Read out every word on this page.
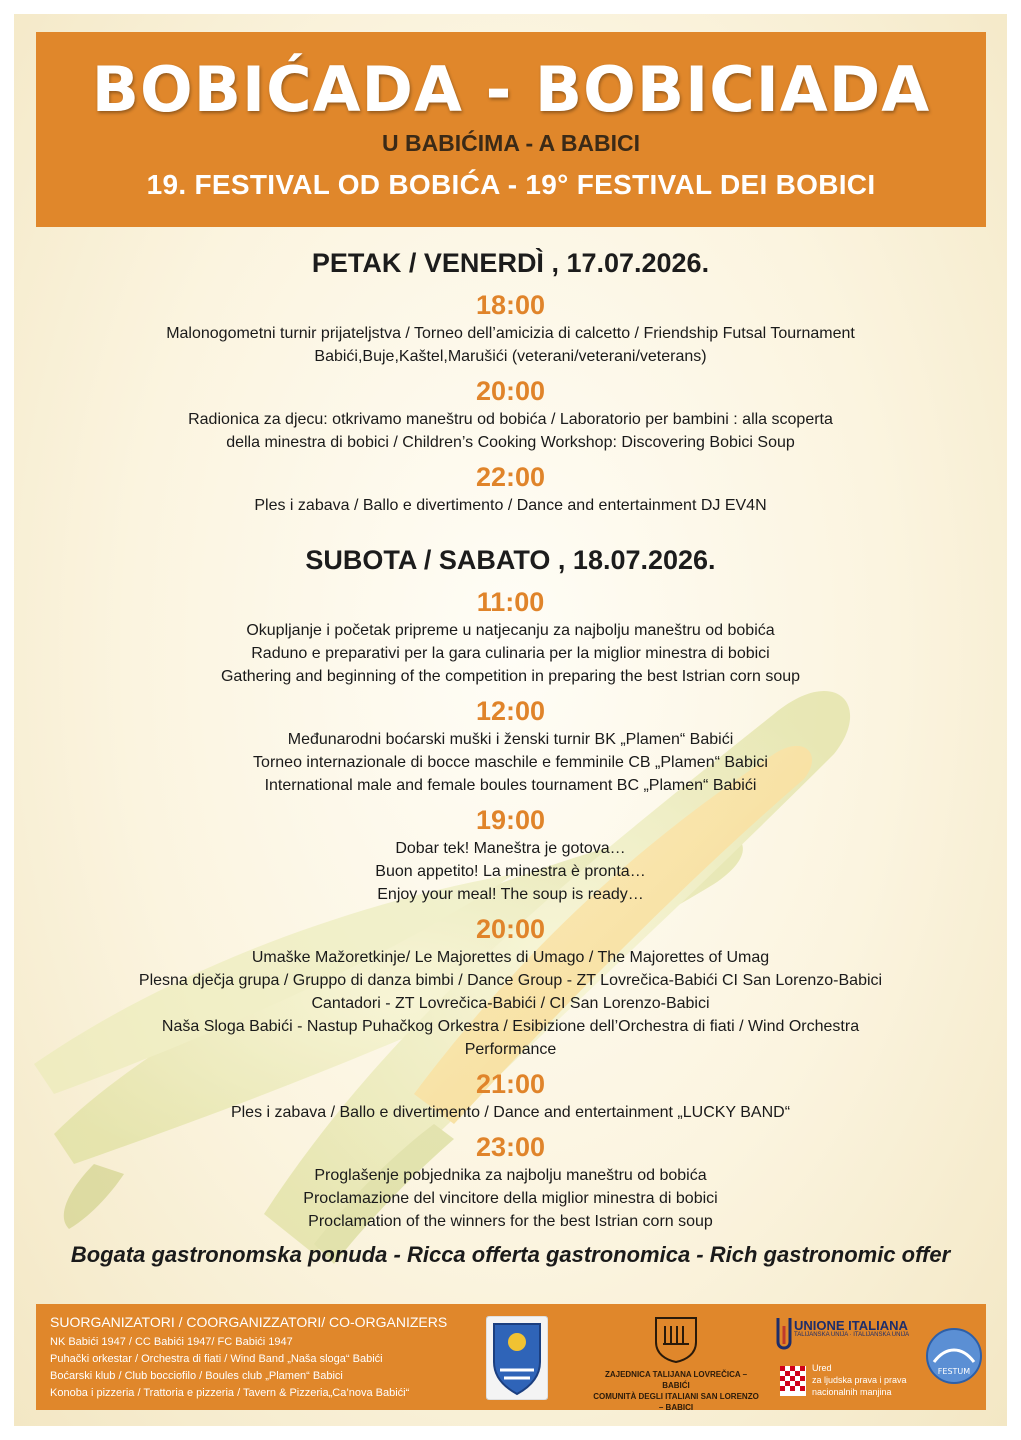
BOBIĆADA - BOBICIADA
U BABIĆIMA - A BABICI
19. FESTIVAL OD BOBIĆA - 19° FESTIVAL DEI BOBICI
PETAK / VENERDÌ , 17.07.2026.
18:00
Malonogometni turnir prijateljstva / Torneo dell’amicizia di calcetto / Friendship Futsal Tournament
Babići,Buje,Kaštel,Marušići (veterani/veterani/veterans)
20:00
Radionica za djecu: otkrivamo maneštru od bobića / Laboratorio per bambini : alla scoperta
della minestra di bobici / Children’s Cooking Workshop: Discovering Bobici Soup
22:00
Ples i zabava / Ballo e divertimento / Dance and entertainment DJ EV4N
SUBOTA / SABATO , 18.07.2026.
11:00
Okupljanje i početak pripreme u natjecanju za najbolju maneštru od bobića
Raduno e preparativi per la gara culinaria per la miglior minestra di bobici
Gathering and beginning of the competition in preparing the best Istrian corn soup
12:00
Međunarodni boćarski muški i ženski turnir BK „Plamen“ Babići
Torneo internazionale di bocce maschile e femminile CB „Plamen“ Babici
International male and female boules tournament BC „Plamen“ Babići
19:00
Dobar tek! Maneštra je gotova…
Buon appetito! La minestra è pronta…
Enjoy your meal! The soup is ready…
20:00
Umaške Mažoretkinje/ Le Majorettes di Umago / The Majorettes of Umag
Plesna dječja grupa / Gruppo di danza bimbi / Dance Group - ZT Lovrečica-Babići CI San Lorenzo-Babici
Cantadori - ZT Lovrečica-Babići / CI San Lorenzo-Babici
Naša Sloga Babići - Nastup Puhačkog Orkestra / Esibizione dell’Orchestra di fiati / Wind Orchestra
Performance
21:00
Ples i zabava / Ballo e divertimento / Dance and entertainment „LUCKY BAND“
23:00
Proglašenje pobjednika za najbolju maneštru od bobića
Proclamazione del vincitore della miglior minestra di bobici
Proclamation of the winners for the best Istrian corn soup
Bogata gastronomska ponuda - Ricca offerta gastronomica - Rich gastronomic offer
SUORGANIZATORI / COORGANIZZATORI/ CO-ORGANIZERS
NK Babići 1947 / CC Babići 1947/ FC Babići 1947
Puhački orkestar / Orchestra di fiati / Wind Band „Naša sloga“ Babići
Boćarski klub / Club bocciofilo / Boules club „Plamen“ Babici
Konoba i pizzeria / Trattoria e pizzeria / Tavern & Pizzeria„Ca’nova Babići“
ZAJEDNICA TALIJANA LOVREČICA – BABIĆI
COMUNITÀ DEGLI ITALIANI SAN LORENZO – BABICI
UNIONE ITALIANA
TALIJANSKA UNIJA · ITALIJANSKA UNIJA
Ured
za ljudska prava i prava
nacionalnih manjina
FESTUM
